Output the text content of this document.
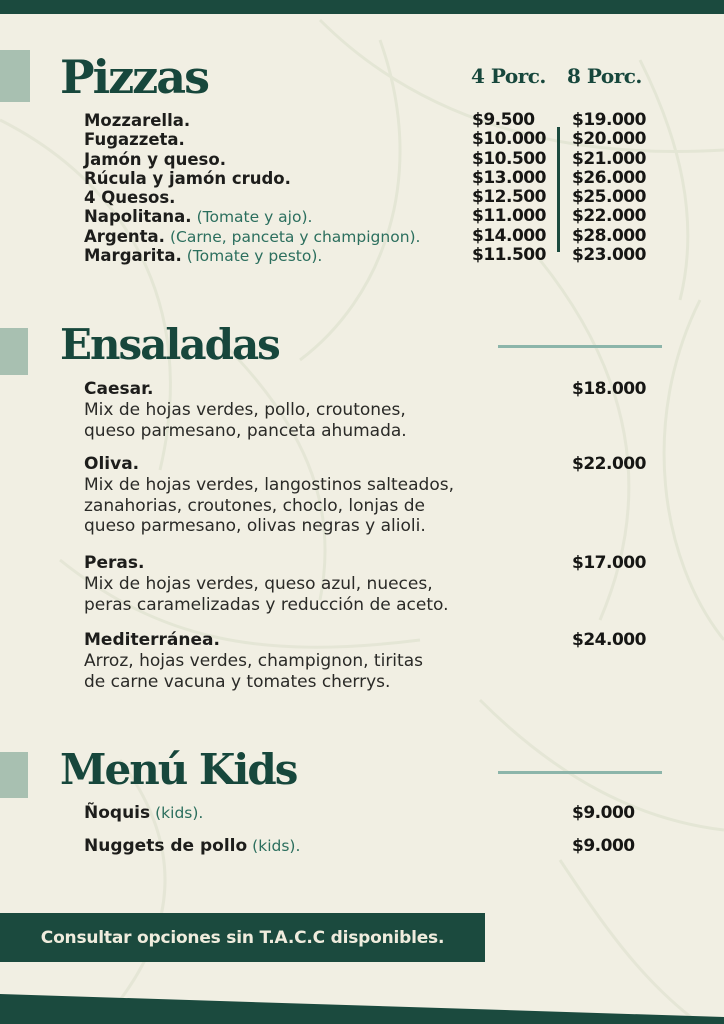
Pizzas	4 Porc. 8 Porc.
Mozzarella.	$9.500 $19.000
Fugazzeta.	$10.000 $20.000
Jamón y queso.	$10.500 $21.000
Rúcula y jamón crudo.	$13.000 $26.000
4 Quesos.	$12.500 $25.000
Napolitana. (Tomate y ajo).	$11.000 $22.000
Argenta. (Carne, panceta y champignon).	$14.000 $28.000
Margarita. (Tomate y pesto).	$11.500 $23.000
Ensaladas
Caesar.	$18.000
Mix de hojas verdes, pollo, croutones,
queso parmesano, panceta ahumada.
Oliva.	$22.000
Mix de hojas verdes, langostinos salteados,
zanahorias, croutones, choclo, lonjas de
queso parmesano, olivas negras y alioli.
Peras.	$17.000
Mix de hojas verdes, queso azul, nueces,
peras caramelizadas y reducción de aceto.
Mediterránea.	$24.000
Arroz, hojas verdes, champignon, tiritas
de carne vacuna y tomates cherrys.
Menú Kids
Ñoquis (kids).	$9.000
Nuggets de pollo (kids).	$9.000
Consultar opciones sin T.A.C.C disponibles.
